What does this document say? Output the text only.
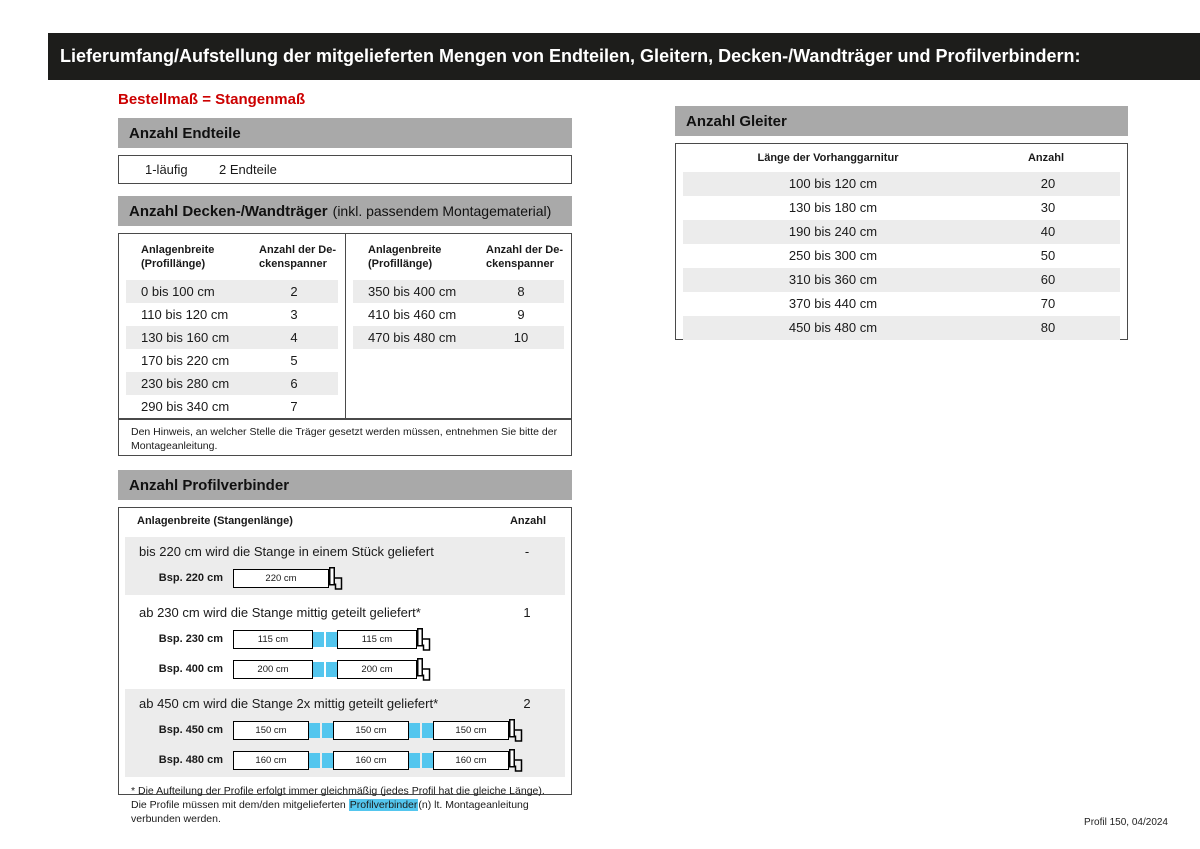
Lieferumfang/Aufstellung der mitgelieferten Mengen von Endteilen, Gleitern, Decken-/Wandträger und Profilverbindern:
Bestellmaß = Stangenmaß
Anzahl Endteile
1-läufig	2 Endteile
Anzahl Decken-/Wandträger (inkl. passendem Montagematerial)
Anlagenbreite
(Profillänge)
Anzahl der De-
ckenspanner
0 bis 100 cm	2
110 bis 120 cm	3
130 bis 160 cm	4
170 bis 220 cm	5
230 bis 280 cm	6
290 bis 340 cm	7
Anlagenbreite
(Profillänge)
Anzahl der De-
ckenspanner
350 bis 400 cm	8
410 bis 460 cm	9
470 bis 480 cm	10
Den Hinweis, an welcher Stelle die Träger gesetzt werden müssen, entnehmen Sie bitte der Montageanleitung.
Anzahl Profilverbinder
Anlagenbreite (Stangenlänge)	Anzahl
bis 220 cm wird die Stange in einem Stück geliefert	-
Bsp. 220 cm	220 cm
ab 230 cm wird die Stange mittig geteilt geliefert*	1
Bsp. 230 cm	115 cm	115 cm
Bsp. 400 cm	200 cm	200 cm
ab 450 cm wird die Stange 2x mittig geteilt geliefert*	2
Bsp. 450 cm	150 cm	150 cm	150 cm
Bsp. 480 cm	160 cm	160 cm	160 cm
* Die Aufteilung der Profile erfolgt immer gleichmäßig (jedes Profil hat die gleiche Länge). Die Profile müssen mit dem/den mitgelieferten Profilverbinder(n) lt. Montageanleitung verbunden werden.
Anzahl Gleiter
Länge der Vorhanggarnitur	Anzahl
100 bis 120 cm	20
130 bis 180 cm	30
190 bis 240 cm	40
250 bis 300 cm	50
310 bis 360 cm	60
370 bis 440 cm	70
450 bis 480 cm	80
Profil 150, 04/2024
